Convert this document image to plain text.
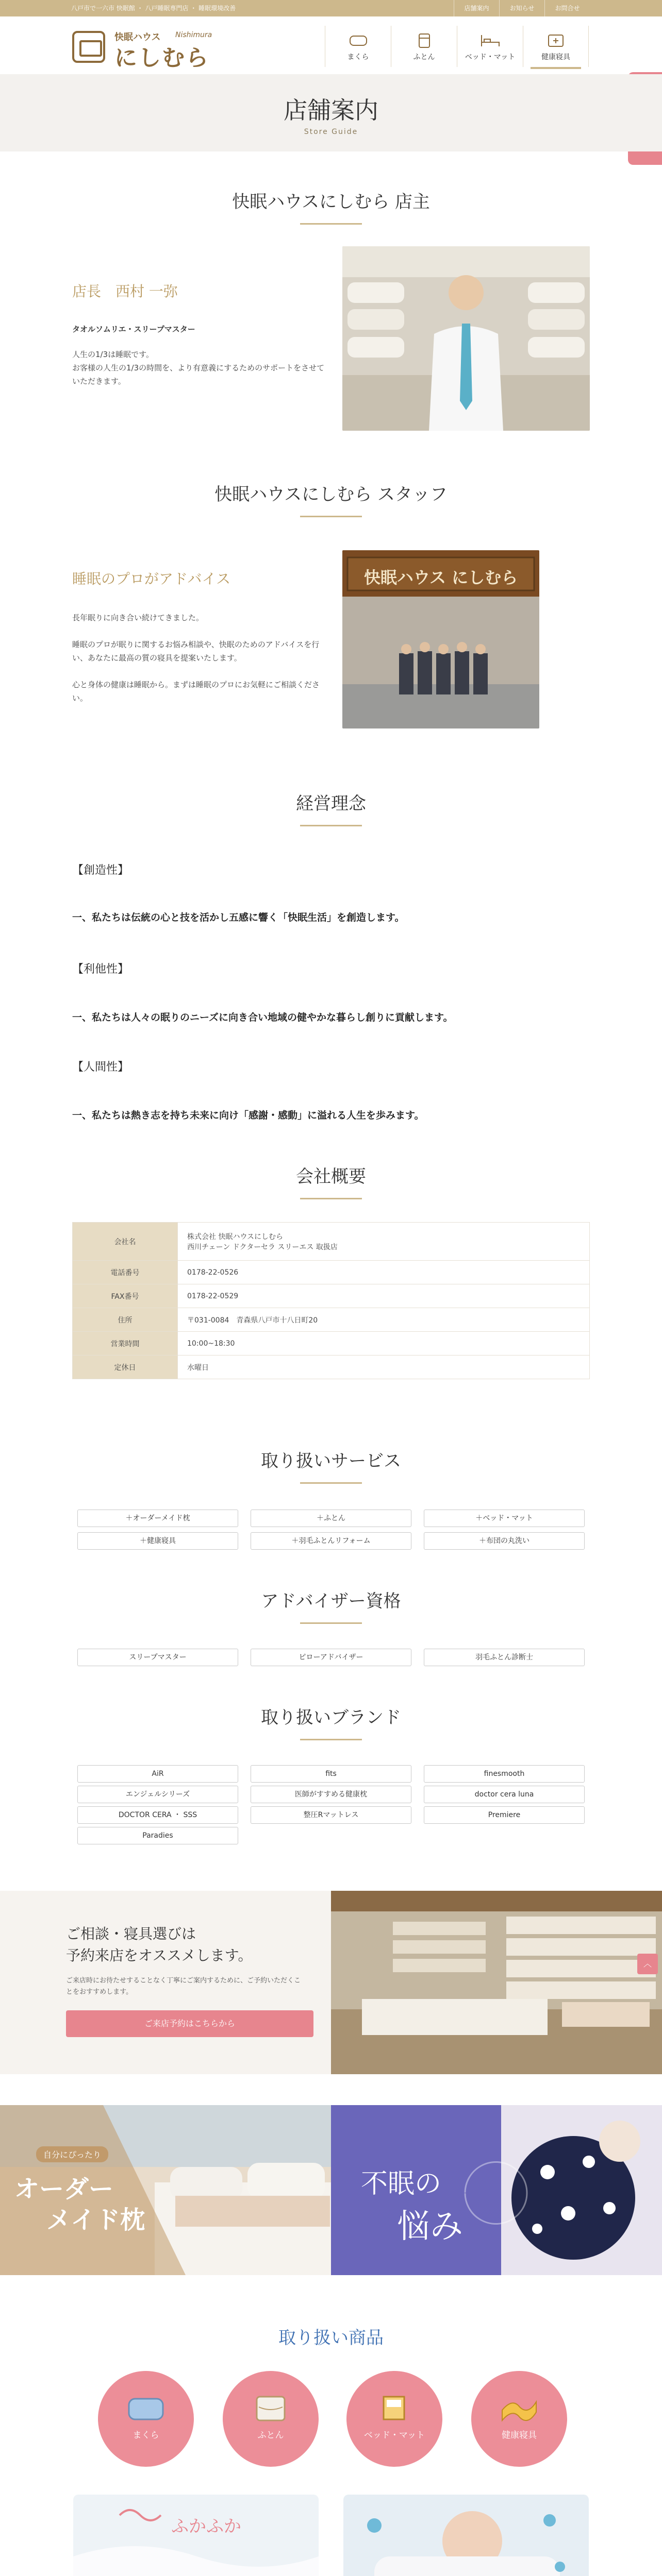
八戸市で一六市 快眠館 ・ 八戸睡眠専門店 ・ 睡眠環境改善	店舗案内	お知らせ	お問合せ
快眠ハウス Nishimura
にしむら	まくら	ふとん	ベッド・マット	健康寝具
店舗案内
Store Guide
快眠ハウスにしむら 店主
店長　西村 一弥
タオルソムリエ・スリープマスター
人生の1/3は睡眠です。
お客様の人生の1/3の時間を、より有意義にするためのサポートをさせていただきます。
快眠ハウスにしむら スタッフ
睡眠のプロがアドバイス
長年眠りに向き合い続けてきました。
睡眠のプロが眠りに関するお悩み相談や、快眠のためのアドバイスを行い、あなたに最高の質の寝具を提案いたします。
心と身体の健康は睡眠から。まずは睡眠のプロにお気軽にご相談ください。
快眠ハウス にしむら
経営理念
【創造性】
一、私たちは伝統の心と技を活かし五感に響く「快眠生活」を創造します。
【利他性】
一、私たちは人々の眠りのニーズに向き合い地域の健やかな暮らし創りに貢献します。
【人間性】
一、私たちは熱き志を持ち未来に向け「感謝・感動」に溢れる人生を歩みます。
会社概要
会社名	株式会社 快眠ハウスにしむら
西川チェーン ドクターセラ スリーエス 取扱店

電話番号	0178-22-0526
FAX番号	0178-22-0529
住所	〒031-0084　青森県八戸市十八日町20
営業時間	10:00~18:30
定休日	水曜日
取り扱いサービス
＋オーダーメイド枕	＋ふとん	＋ベッド・マット
＋健康寝具	＋羽毛ふとんリフォーム	＋布団の丸洗い
アドバイザー資格
スリープマスター	ピローアドバイザー	羽毛ふとん診断士
取り扱いブランド
AiR	fits	finesmooth
エンジェルシリーズ	医師がすすめる健康枕	doctor cera luna
DOCTOR CERA ・ SSS	整圧Rマットレス	Premiere
Paradies
ご相談・寝具選びは
予約来店をオススメします。
ご来店時にお待たせすることなく丁寧にご案内するために、ご予約いただくことをおすすめします。
ご来店予約はこちらから
︿
自分にぴったり
オーダー
メイド枕
不眠の
悩み
取り扱い商品
まくら	ふとん	ベッド・マット	健康寝具
ふかふか
